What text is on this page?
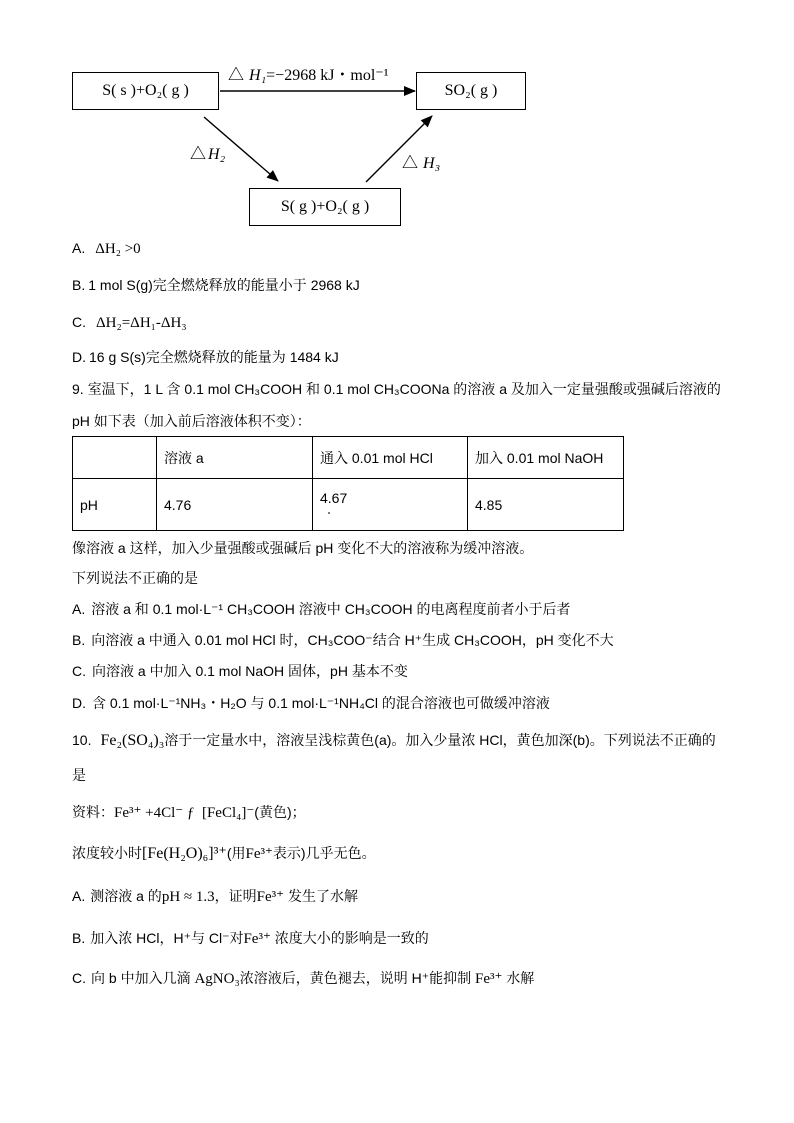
S( s )+O₂( g )	SO₂( g )
S( g )+O₂( g )
△ H₁ =−2968 kJ・mol⁻¹
△ H₂
△ H₃
A. ΔH₂ >0
B. 1 mol S(g)完全燃烧释放的能量小于 2968 kJ
C. ΔH₂=ΔH₁-ΔH₃
D. 16 g S(s)完全燃烧释放的能量为 1484 kJ
9. 室温下，1 L 含 0.1 mol CH₃COOH 和 0.1 mol CH₃COONa 的溶液 a 及加入一定量强酸或强碱后溶液的
pH 如下表（加入前后溶液体积不变）：
	溶液 a	通入 0.01 mol HCl	加入 0.01 mol NaOH
pH	4.76	4.67	4.85
像溶液 a 这样，加入少量强酸或强碱后 pH 变化不大的溶液称为缓冲溶液。
下列说法不正确的是
A. 溶液 a 和 0.1 mol·L⁻¹ CH₃COOH 溶液中 CH₃COOH 的电离程度前者小于后者
B. 向溶液 a 中通入 0.01 mol HCl 时，CH₃COO⁻结合 H⁺生成 CH₃COOH，pH 变化不大
C. 向溶液 a 中加入 0.1 mol NaOH 固体，pH 基本不变
D. 含 0.1 mol·L⁻¹NH₃・H₂O 与 0.1 mol·L⁻¹NH₄Cl 的混合溶液也可做缓冲溶液
10. Fe₂(SO₄)₃ 溶于一定量水中，溶液呈浅棕黄色(a)。加入少量浓 HCl，黄色加深(b)。下列说法不正确的
是
资料： Fe³⁺ +4Cl⁻ ƒ  [FeCl₄]⁻ (黄色)；
浓度较小时 [Fe(H₂O)₆]³⁺ (用 Fe³⁺ 表示)几乎无色。
A. 测溶液 a 的 pH ≈ 1.3 ，证明 Fe³⁺ 发生了水解
B. 加入浓 HCl，H⁺与 Cl⁻对 Fe³⁺ 浓度大小的影响是一致的
C. 向 b 中加入几滴 AgNO₃ 浓溶液后，黄色褪去，说明 H⁺能抑制 Fe³⁺ 水解
